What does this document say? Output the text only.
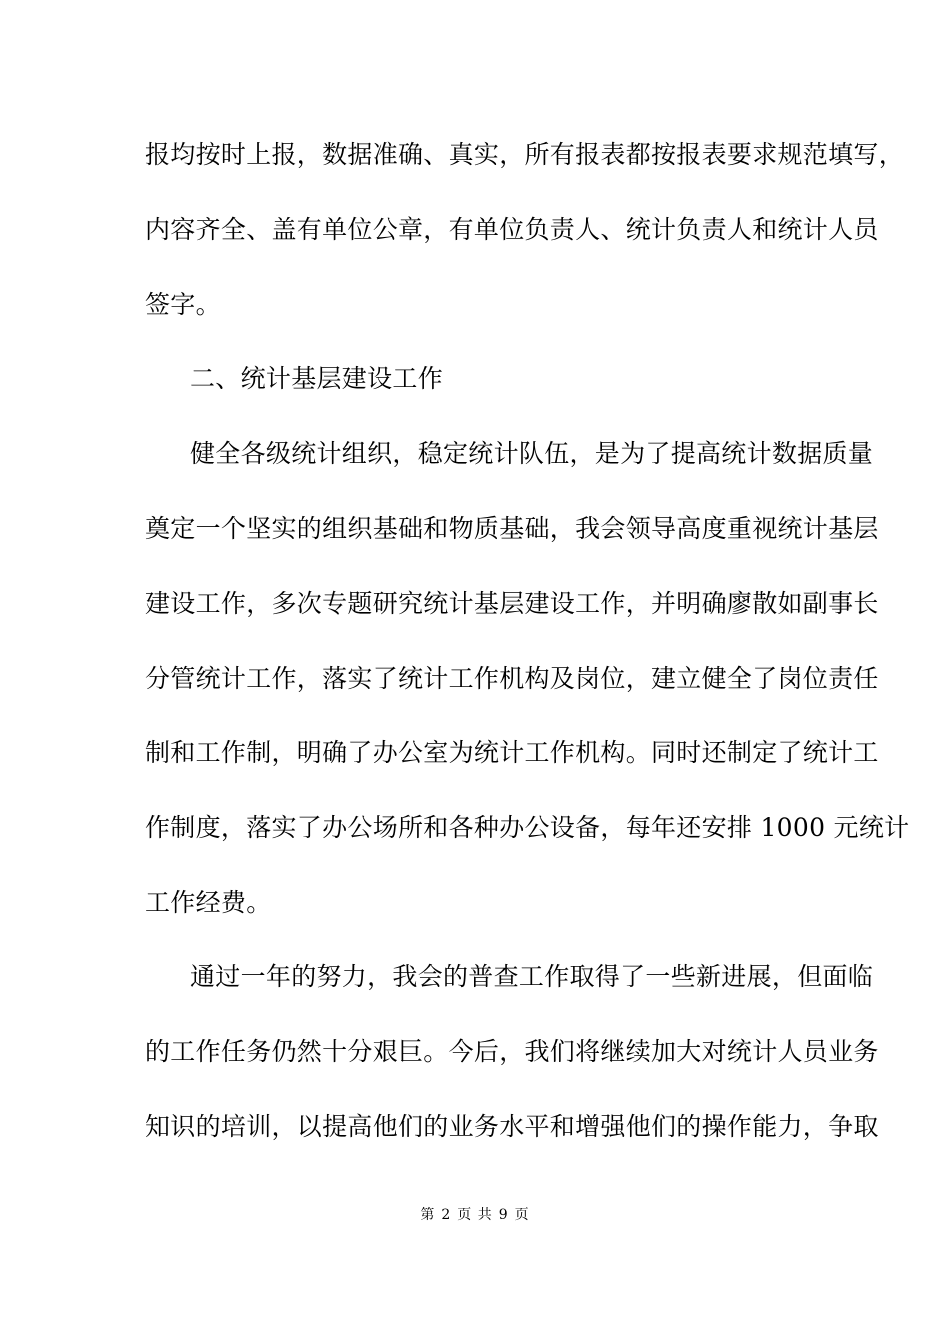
报均按时上报，数据准确、真实，所有报表都按报表要求规范填写，
内容齐全、盖有单位公章，有单位负责人、统计负责人和统计人员
签字。
二、统计基层建设工作
健全各级统计组织，稳定统计队伍，是为了提高统计数据质量
奠定一个坚实的组织基础和物质基础，我会领导高度重视统计基层
建设工作，多次专题研究统计基层建设工作，并明确廖散如副事长
分管统计工作，落实了统计工作机构及岗位，建立健全了岗位责任
制和工作制，明确了办公室为统计工作机构。同时还制定了统计工
作制度，落实了办公场所和各种办公设备，每年还安排 1000 元统计
工作经费。
通过一年的努力，我会的普查工作取得了一些新进展，但面临
的工作任务仍然十分艰巨。今后，我们将继续加大对统计人员业务
知识的培训，以提高他们的业务水平和增强他们的操作能力，争取
第 2 页 共 9 页
